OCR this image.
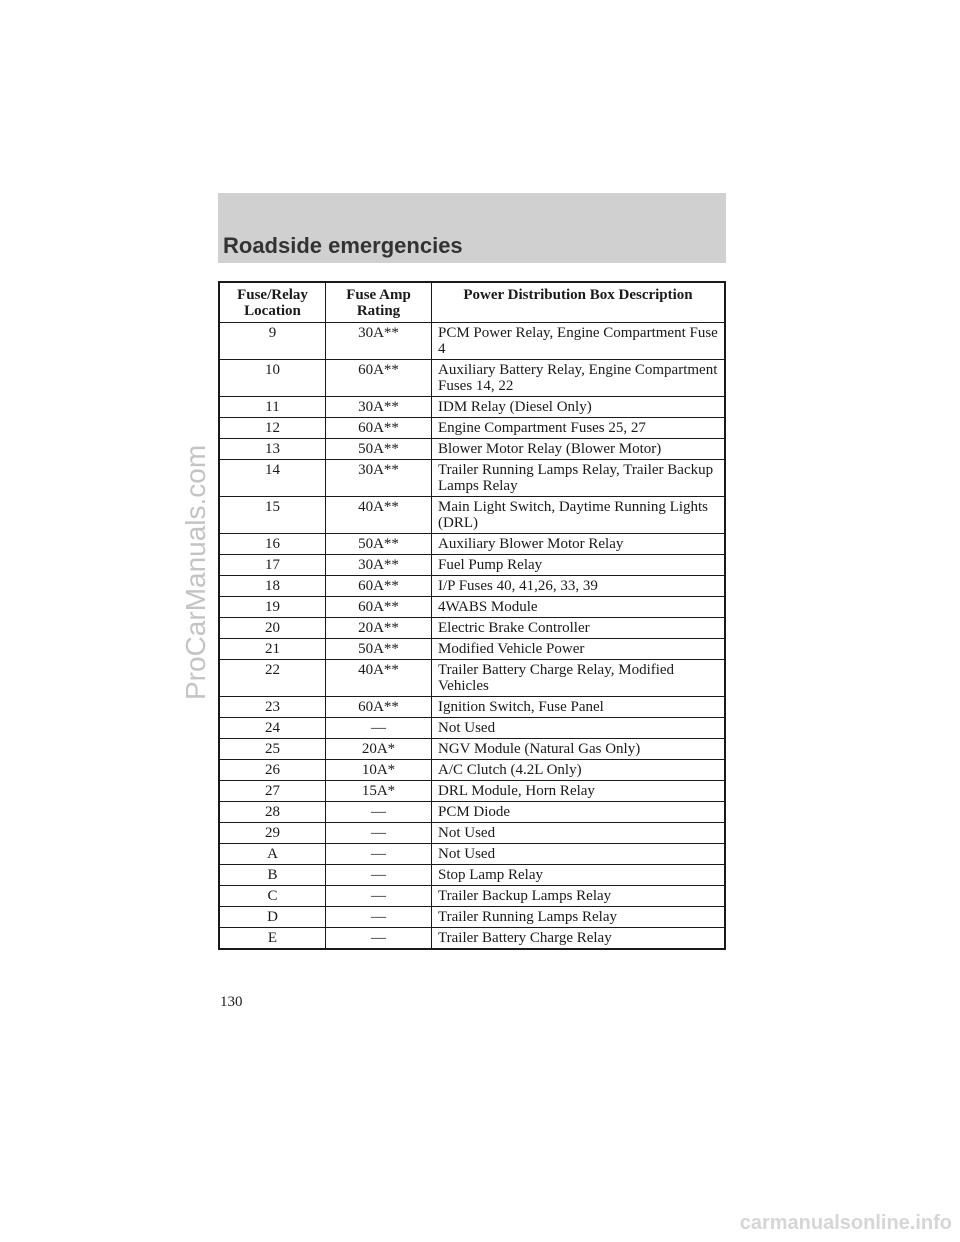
Roadside emergencies
Fuse/Relay Location	Fuse Amp Rating	Power Distribution Box Description
9	30A**	PCM Power Relay, Engine Compartment Fuse 4
10	60A**	Auxiliary Battery Relay, Engine Compartment Fuses 14, 22
11	30A**	IDM Relay (Diesel Only)
12	60A**	Engine Compartment Fuses 25, 27
13	50A**	Blower Motor Relay (Blower Motor)
14	30A**	Trailer Running Lamps Relay, Trailer Backup Lamps Relay
15	40A**	Main Light Switch, Daytime Running Lights (DRL)
16	50A**	Auxiliary Blower Motor Relay
17	30A**	Fuel Pump Relay
18	60A**	I/P Fuses 40, 41,26, 33, 39
19	60A**	4WABS Module
20	20A**	Electric Brake Controller
21	50A**	Modified Vehicle Power
22	40A**	Trailer Battery Charge Relay, Modified Vehicles
23	60A**	Ignition Switch, Fuse Panel
24	—	Not Used
25	20A*	NGV Module (Natural Gas Only)
26	10A*	A/C Clutch (4.2L Only)
27	15A*	DRL Module, Horn Relay
28	—	PCM Diode
29	—	Not Used
A	—	Not Used
B	—	Stop Lamp Relay
C	—	Trailer Backup Lamps Relay
D	—	Trailer Running Lamps Relay
E	—	Trailer Battery Charge Relay
130
ProCarManuals.com
carmanualsonline.info
